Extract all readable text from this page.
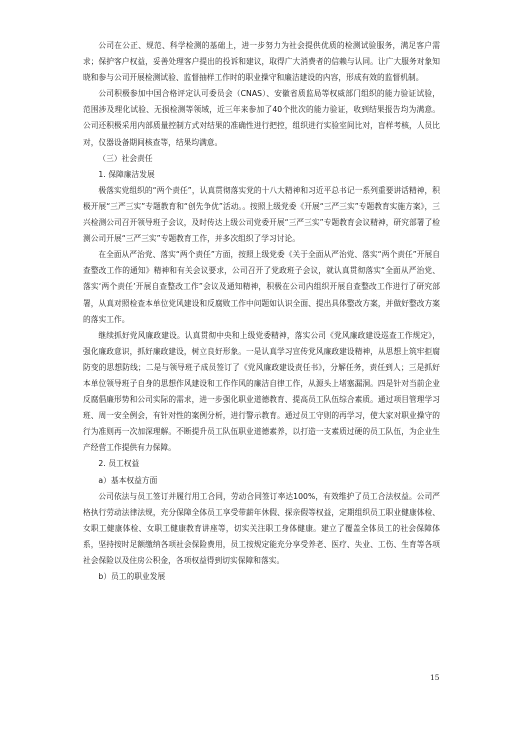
公司在公正、规范、科学检测的基础上，进一步努力为社会提供优质的检测试验服务，满足客户需求；保护客户权益，妥善处理客户提出的投诉和建议，取得广大消费者的信赖与认同。让广大服务对象知晓和参与公司开展检测试验、监督抽样工作时的职业操守和廉洁建设的内容，形成有效的监督机制。

公司积极参加中国合格评定认可委员会（CNAS）、安徽省质监局等权威部门组织的能力验证试验，范围涉及理化试验、无损检测等领域，近三年来参加了40个批次的能力验证，收到结果报告均为满意。公司还积极采用内部质量控制方式对结果的准确性进行把控，组织进行实验室间比对，盲样考核，人员比对，仪器设备期间核查等，结果均满意。

（三）社会责任

1. 保障廉洁发展

极落实党组织的“两个责任”，认真贯彻落实党的十八大精神和习近平总书记一系列重要讲话精神，积极开展“三严三实”专题教育和“创先争优”活动。。按照上级党委《开展“三严三实”专题教育实施方案》，三兴检测公司召开领导班子会议，及时传达上级公司党委开展“三严三实”专题教育会议精神，研究部署了检测公司开展“三严三实”专题教育工作，并多次组织了学习讨论。

在全面从严治党、落实“两个责任”方面，按照上级党委《关于全面从严治党、落实“两个责任”开展自查整改工作的通知》精神和有关会议要求，公司召开了党政班子会议，就认真贯彻落实“全面从严治党、落实‘两个责任’开展自查整改工作”会议及通知精神，积极在公司内组织开展自查整改工作进行了研究部署，从真对照检查本单位党风建设和反腐败工作中问题如认识全面、提出具体整改方案，并做好整改方案的落实工作。

继续抓好党风廉政建设。认真贯彻中央和上级党委精神，落实公司《党风廉政建设巡查工作规定》，强化廉政意识，抓好廉政建设，树立良好形象。一是认真学习宣传党风廉政建设精神，从思想上筑牢拒腐防变的思想防线；二是与领导班子成员签订了《党风廉政建设责任书》，分解任务，责任到人；三是抓好本单位领导班子自身的思想作风建设和工作作风的廉洁自律工作，从源头上堵塞漏洞。四是针对当前企业反腐倡廉形势和公司实际的需求，进一步强化职业道德教育、提高员工队伍综合素质。通过项目管理学习班、周一安全例会，有针对性的案例分析，进行警示教育。通过员工守则的再学习，使大家对职业操守的行为准则再一次加深理解。不断提升员工队伍职业道德素养，以打造一支素质过硬的员工队伍，为企业生产经营工作提供有力保障。

2. 员工权益

a）基本权益方面

公司依法与员工签订并履行用工合同，劳动合同签订率达100%，有效维护了员工合法权益。公司严格执行劳动法律法规，充分保障全体员工享受带薪年休假、探亲假等权益，定期组织员工职业健康体检、女职工健康体检、女职工健康教育讲座等，切实关注职工身体健康。建立了覆盖全体员工的社会保障体系，坚持按时足额缴纳各项社会保险费用，员工按规定能充分享受养老、医疗、失业、工伤、生育等各项社会保险以及住房公积金，各项权益得到切实保障和落实。

b）员工的职业发展

15
